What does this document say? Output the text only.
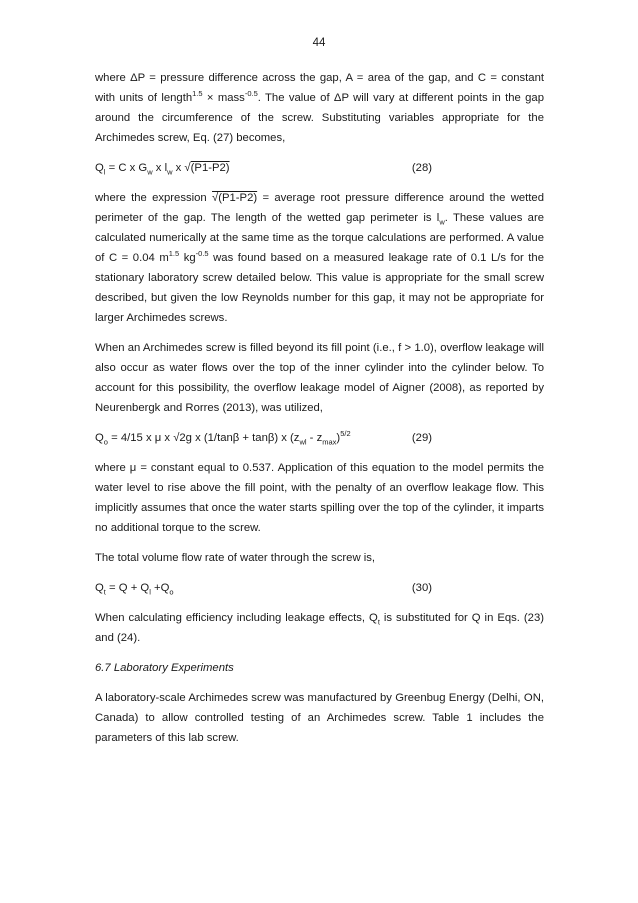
44

where ΔP = pressure difference across the gap, A = area of the gap, and C = constant with units of length$^{1.5}$ × mass$^{-0.5}$. The value of ΔP will vary at different points in the gap around the circumference of the screw. Substituting variables appropriate for the Archimedes screw, Eq. (27) becomes,

$Q_l = C$ x $G_w$ x $l_w$ x √(P1-P2)	(28)

where the expression √(P1-P2) = average root pressure difference around the wetted perimeter of the gap. The length of the wetted gap perimeter is $l_w$. These values are calculated numerically at the same time as the torque calculations are performed. A value of C = 0.04 $m^{1.5}$ $kg^{-0.5}$ was found based on a measured leakage rate of 0.1 L/s for the stationary laboratory screw detailed below. This value is appropriate for the small screw described, but given the low Reynolds number for this gap, it may not be appropriate for larger Archimedes screws.

When an Archimedes screw is filled beyond its fill point (i.e., f > 1.0), overflow leakage will also occur as water flows over the top of the inner cylinder into the cylinder below. To account for this possibility, the overflow leakage model of Aigner (2008), as reported by Neurenbergk and Rorres (2013), was utilized,

$Q_o = 4/15$ x μ x √2g x (1/tanβ + tanβ) x $(z_{wl} - z_{max})^{5/2}$	(29)

where μ = constant equal to 0.537. Application of this equation to the model permits the water level to rise above the fill point, with the penalty of an overflow leakage flow. This implicitly assumes that once the water starts spilling over the top of the cylinder, it imparts no additional torque to the screw.

The total volume flow rate of water through the screw is,

$Q_t = Q + Q_l +Q_o$	(30)

When calculating efficiency including leakage effects, $Q_t$ is substituted for Q in Eqs. (23) and (24).

6.7 Laboratory Experiments

A laboratory-scale Archimedes screw was manufactured by Greenbug Energy (Delhi, ON, Canada) to allow controlled testing of an Archimedes screw. Table 1 includes the parameters of this lab screw.
